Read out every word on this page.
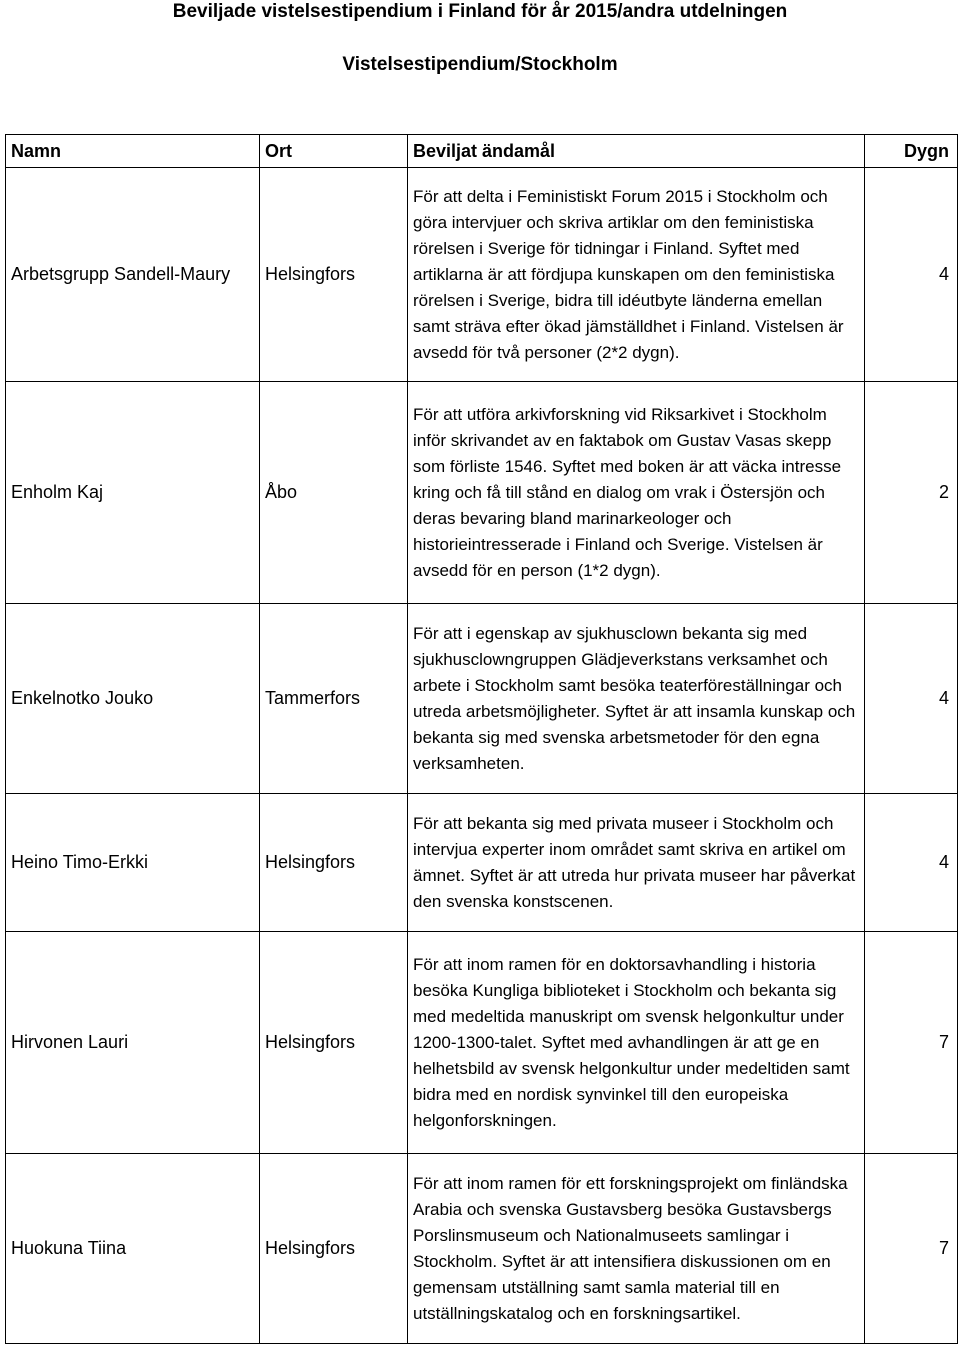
Beviljade vistelsestipendium i Finland för år 2015/andra utdelningen
Vistelsestipendium/Stockholm
Namn	Ort	Beviljat ändamål	Dygn
Arbetsgrupp Sandell-Maury	Helsingfors	För att delta i Feministiskt Forum 2015 i Stockholm och göra intervjuer och skriva artiklar om den feministiska rörelsen i Sverige för tidningar i Finland. Syftet med artiklarna är att fördjupa kunskapen om den feministiska rörelsen i Sverige, bidra till idéutbyte länderna emellan samt sträva efter ökad jämställdhet i Finland. Vistelsen är avsedd för två personer (2*2 dygn).	4
Enholm Kaj	Åbo	För att utföra arkivforskning vid Riksarkivet i Stockholm inför skrivandet av en faktabok om Gustav Vasas skepp som förliste 1546. Syftet med boken är att väcka intresse kring och få till stånd en dialog om vrak i Östersjön och deras bevaring bland marinarkeologer och historieintresserade i Finland och Sverige. Vistelsen är avsedd för en person (1*2 dygn).	2
Enkelnotko Jouko	Tammerfors	För att i egenskap av sjukhusclown bekanta sig med sjukhusclowngruppen Glädjeverkstans verksamhet och arbete i Stockholm samt besöka teaterföreställningar och utreda arbetsmöjligheter. Syftet är att insamla kunskap och bekanta sig med svenska arbetsmetoder för den egna verksamheten.	4
Heino Timo-Erkki	Helsingfors	För att bekanta sig med privata museer i Stockholm och intervjua experter inom området samt skriva en artikel om ämnet. Syftet är att utreda hur privata museer har påverkat den svenska konstscenen.	4
Hirvonen Lauri	Helsingfors	För att inom ramen för en doktorsavhandling i historia besöka Kungliga biblioteket i Stockholm och bekanta sig med medeltida manuskript om svensk helgonkultur under 1200-1300-talet. Syftet med avhandlingen är att ge en helhetsbild av svensk helgonkultur under medeltiden samt bidra med en nordisk synvinkel till den europeiska helgonforskningen.	7
Huokuna Tiina	Helsingfors	För att inom ramen för ett forskningsprojekt om finländska Arabia och svenska Gustavsberg besöka Gustavsbergs Porslinsmuseum och Nationalmuseets samlingar i Stockholm. Syftet är att intensifiera diskussionen om en gemensam utställning samt samla material till en utställningskatalog och en forskningsartikel.	7
